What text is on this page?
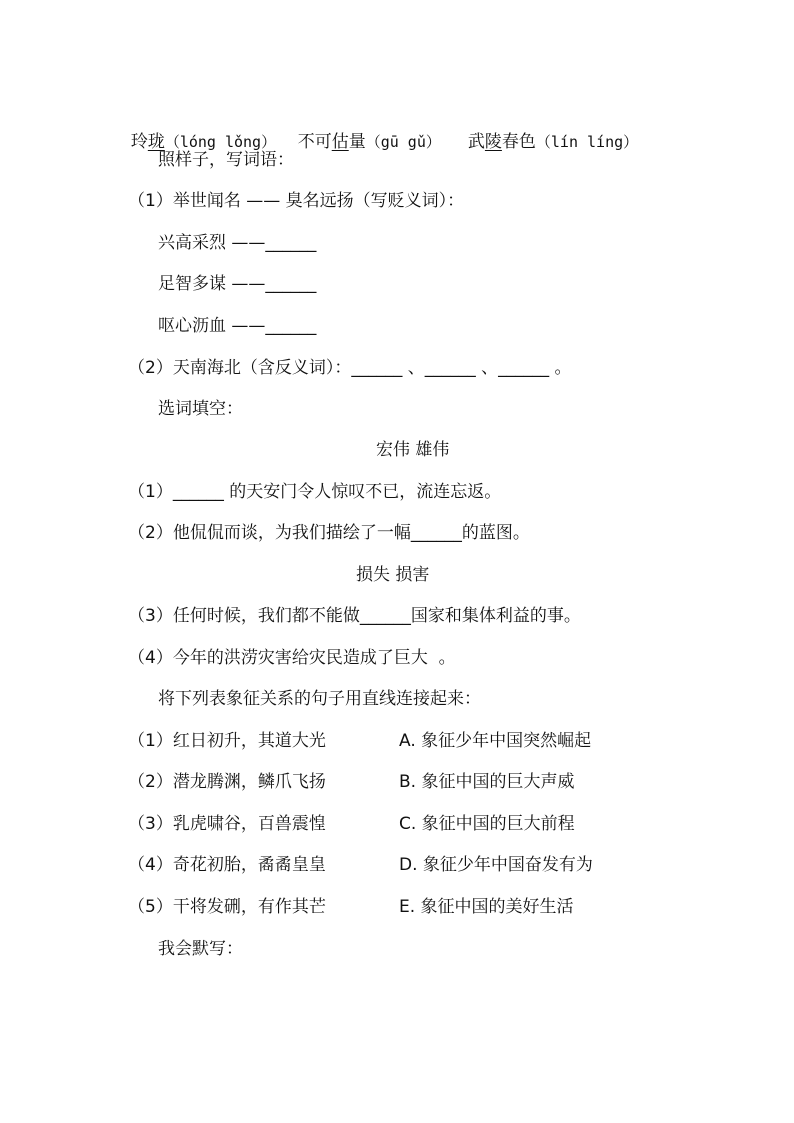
玲珑（lóng lǒng） 不可估量（gū gǔ） 武陵春色（lín líng）

照样子，写词语：
（1）举世闻名 —— 臭名远扬（写贬义词）：
兴高采烈 ——______
足智多谋 ——______
呕心沥血 ——______
（2）天南海北（含反义词）：______ 、______ 、______ 。
选词填空：
宏伟 雄伟
（1）______ 的天安门令人惊叹不已，流连忘返。
（2）他侃侃而谈，为我们描绘了一幅______的蓝图。
损失 损害
（3）任何时候，我们都不能做______国家和集体利益的事。
（4）今年的洪涝灾害给灾民造成了巨大  。
将下列表象征关系的句子用直线连接起来：
（1）红日初升，其道大光	A. 象征少年中国突然崛起
（2）潜龙腾渊，鳞爪飞扬	B. 象征中国的巨大声威
（3）乳虎啸谷，百兽震惶	C. 象征中国的巨大前程
（4）奇花初胎，矞矞皇皇	D. 象征少年中国奋发有为
（5）干将发硎，有作其芒	E. 象征中国的美好生活
我会默写：
